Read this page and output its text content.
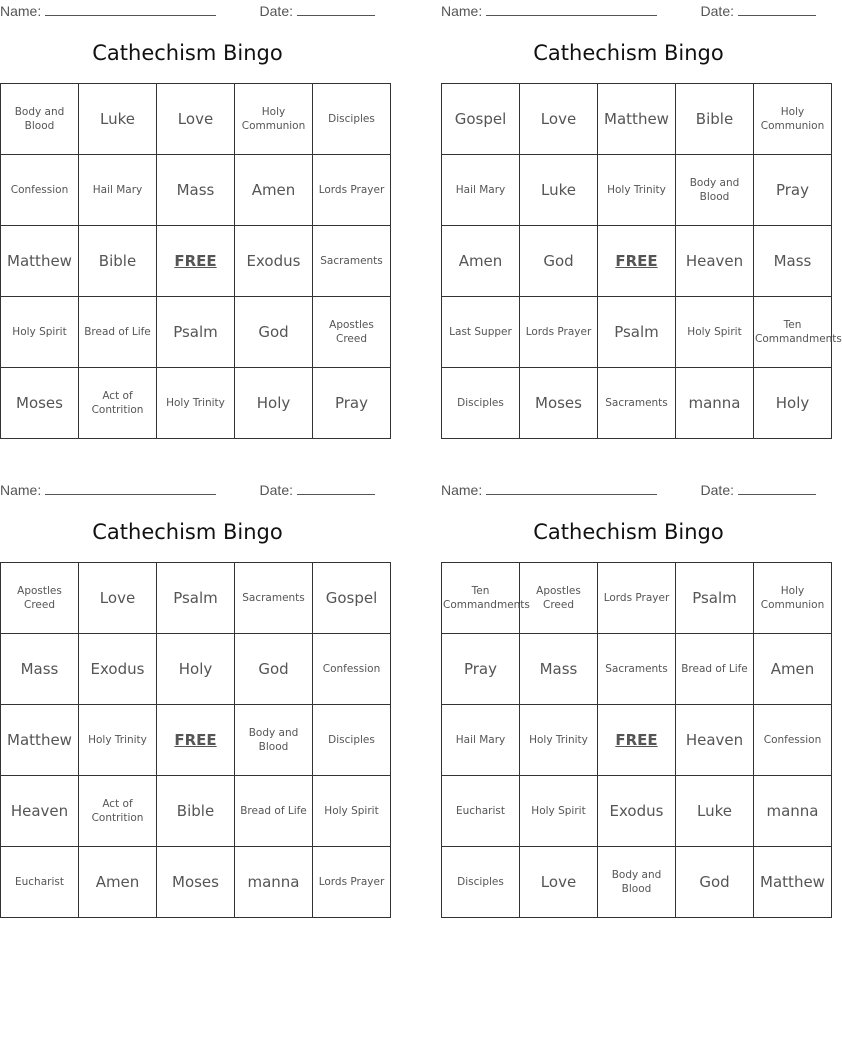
Name:	Date:
Cathechism Bingo
Body and Blood	Luke	Love	Holy Communion	Disciples
Confession	Hail Mary	Mass	Amen	Lords Prayer
Matthew	Bible	FREE	Exodus	Sacraments
Holy Spirit	Bread of Life	Psalm	God	Apostles Creed
Moses	Act of Contrition	Holy Trinity	Holy	Pray
Name:	Date:
Cathechism Bingo
Gospel	Love	Matthew	Bible	Holy Communion
Hail Mary	Luke	Holy Trinity	Body and Blood	Pray
Amen	God	FREE	Heaven	Mass
Last Supper	Lords Prayer	Psalm	Holy Spirit	Ten Commandments
Disciples	Moses	Sacraments	manna	Holy
Name:	Date:
Cathechism Bingo
Apostles Creed	Love	Psalm	Sacraments	Gospel
Mass	Exodus	Holy	God	Confession
Matthew	Holy Trinity	FREE	Body and Blood	Disciples
Heaven	Act of Contrition	Bible	Bread of Life	Holy Spirit
Eucharist	Amen	Moses	manna	Lords Prayer
Name:	Date:
Cathechism Bingo
Ten Commandments	Apostles Creed	Lords Prayer	Psalm	Holy Communion
Pray	Mass	Sacraments	Bread of Life	Amen
Hail Mary	Holy Trinity	FREE	Heaven	Confession
Eucharist	Holy Spirit	Exodus	Luke	manna
Disciples	Love	Body and Blood	God	Matthew
